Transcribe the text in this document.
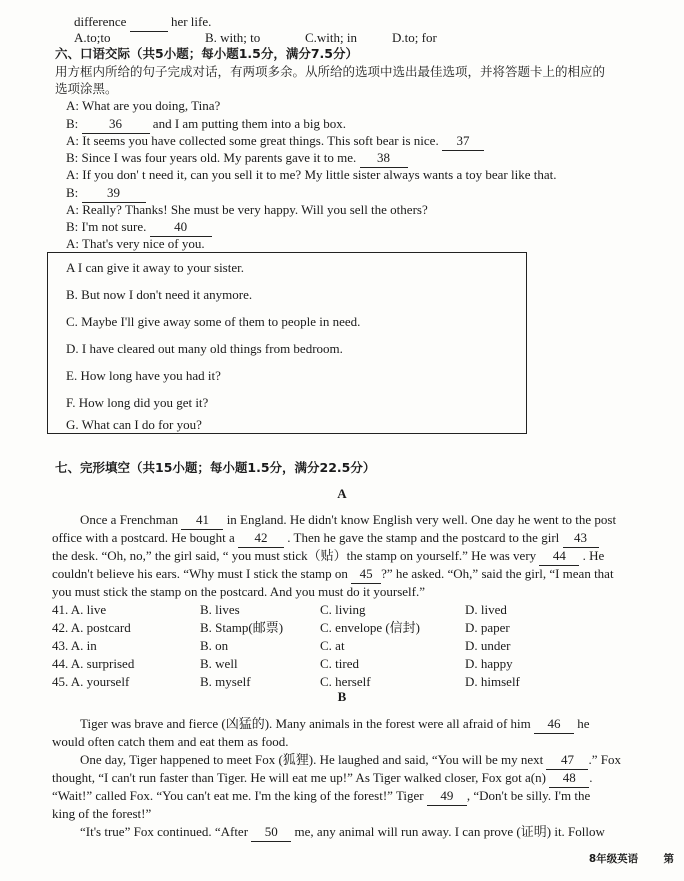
difference	her life.
A.to;to	B. with; to	C.with; in	D.to; for
六、口语交际（共5小题；每小题1.5分，满分7.5分）
用方框内所给的句子完成对话，有两项多余。从所给的选项中选出最佳选项，并将答题卡上的相应的
选项涂黑。
A: What are you doing, Tina?
B: 36 and I am putting them into a big box.
A: It seems you have collected some great things. This soft bear is nice. 37
B: Since I was four years old. My parents gave it to me. 38
A: If you don' t need it, can you sell it to me? My little sister always wants a toy bear like that.
B: 39
A: Really? Thanks! She must be very happy. Will you sell the others?
B: I'm not sure. 40
A: That's very nice of you.
A I can give it away to your sister.
B. But now I don't need it anymore.
C. Maybe I'll give away some of them to people in need.
D. I have cleared out many old things from bedroom.
E. How long have you had it?
F. How long did you get it?
G. What can I do for you?
七、完形填空（共15小题；每小题1.5分，满分22.5分）
A
Once a Frenchman 41 in England. He didn't know English very well. One day he went to the post
office with a postcard. He bought a 42 . Then he gave the stamp and the postcard to the girl 43
the desk. “Oh, no,” the girl said, “ you must stick（贴）the stamp on yourself.” He was very 44 . He
couldn't believe his ears. “Why must I stick the stamp on 45 ?” he asked. “Oh,” said the girl, “I mean that
you must stick the stamp on the postcard. And you must do it yourself.”
41. A. live	B. lives	C. living	D. lived
42. A. postcard	B. Stamp(邮票)	C. envelope (信封)	D. paper
43. A. in	B. on	C. at	D. under
44. A. surprised	B. well	C. tired	D. happy
45. A. yourself	B. myself	C. herself	D. himself
B
Tiger was brave and fierce (凶猛的). Many animals in the forest were all afraid of him 46 he
would often catch them and eat them as food.
One day, Tiger happened to meet Fox (狐狸). He laughed and said, “You will be my next 47 .” Fox
thought, “I can't run faster than Tiger. He will eat me up!” As Tiger walked closer, Fox got a(n) 48 .
“Wait!” called Fox. “You can't eat me. I'm the king of the forest!” Tiger 49 , “Don't be silly. I'm the
king of the forest!”
“It's true” Fox continued. “After 50 me, any animal will run away. I can prove (证明) it. Follow
8年级英语 第
